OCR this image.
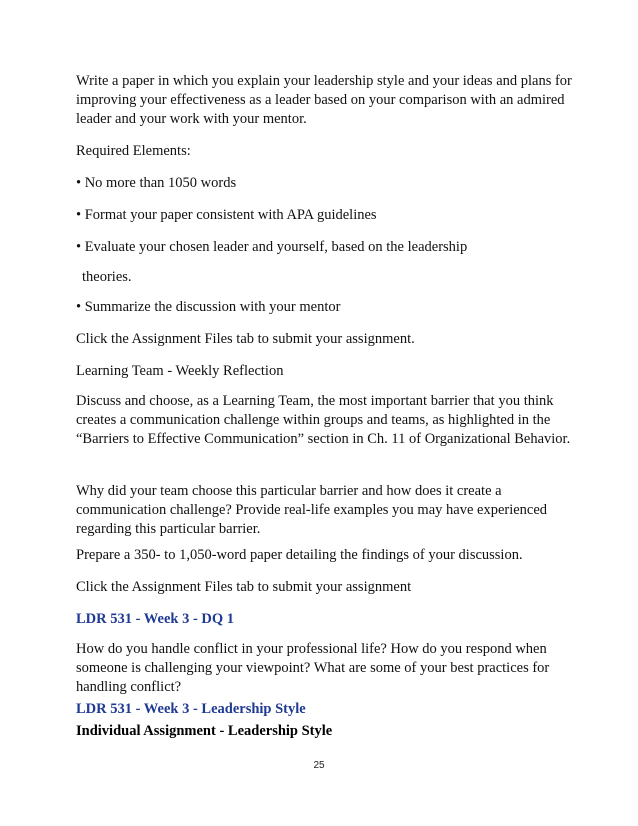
Write a paper in which you explain your leadership style and your ideas and plans for improving your effectiveness as a leader based on your comparison with an admired leader and your work with your mentor.

Required Elements:

• No more than 1050 words

• Format your paper consistent with APA guidelines

• Evaluate your chosen leader and yourself, based on the leadership

theories.

• Summarize the discussion with your mentor

Click the Assignment Files tab to submit your assignment.

Learning Team - Weekly Reflection

Discuss and choose, as a Learning Team, the most important barrier that you think creates a communication challenge within groups and teams, as highlighted in the “Barriers to Effective Communication” section in Ch. 11 of Organizational Behavior.

Why did your team choose this particular barrier and how does it create a communication challenge? Provide real-life examples you may have experienced regarding this particular barrier.

Prepare a 350- to 1,050-word paper detailing the findings of your discussion.

Click the Assignment Files tab to submit your assignment

LDR 531 - Week 3 - DQ 1

How do you handle conflict in your professional life? How do you respond when someone is challenging your viewpoint? What are some of your best practices for handling conflict?

LDR 531 - Week 3 - Leadership Style

Individual Assignment - Leadership Style

25
